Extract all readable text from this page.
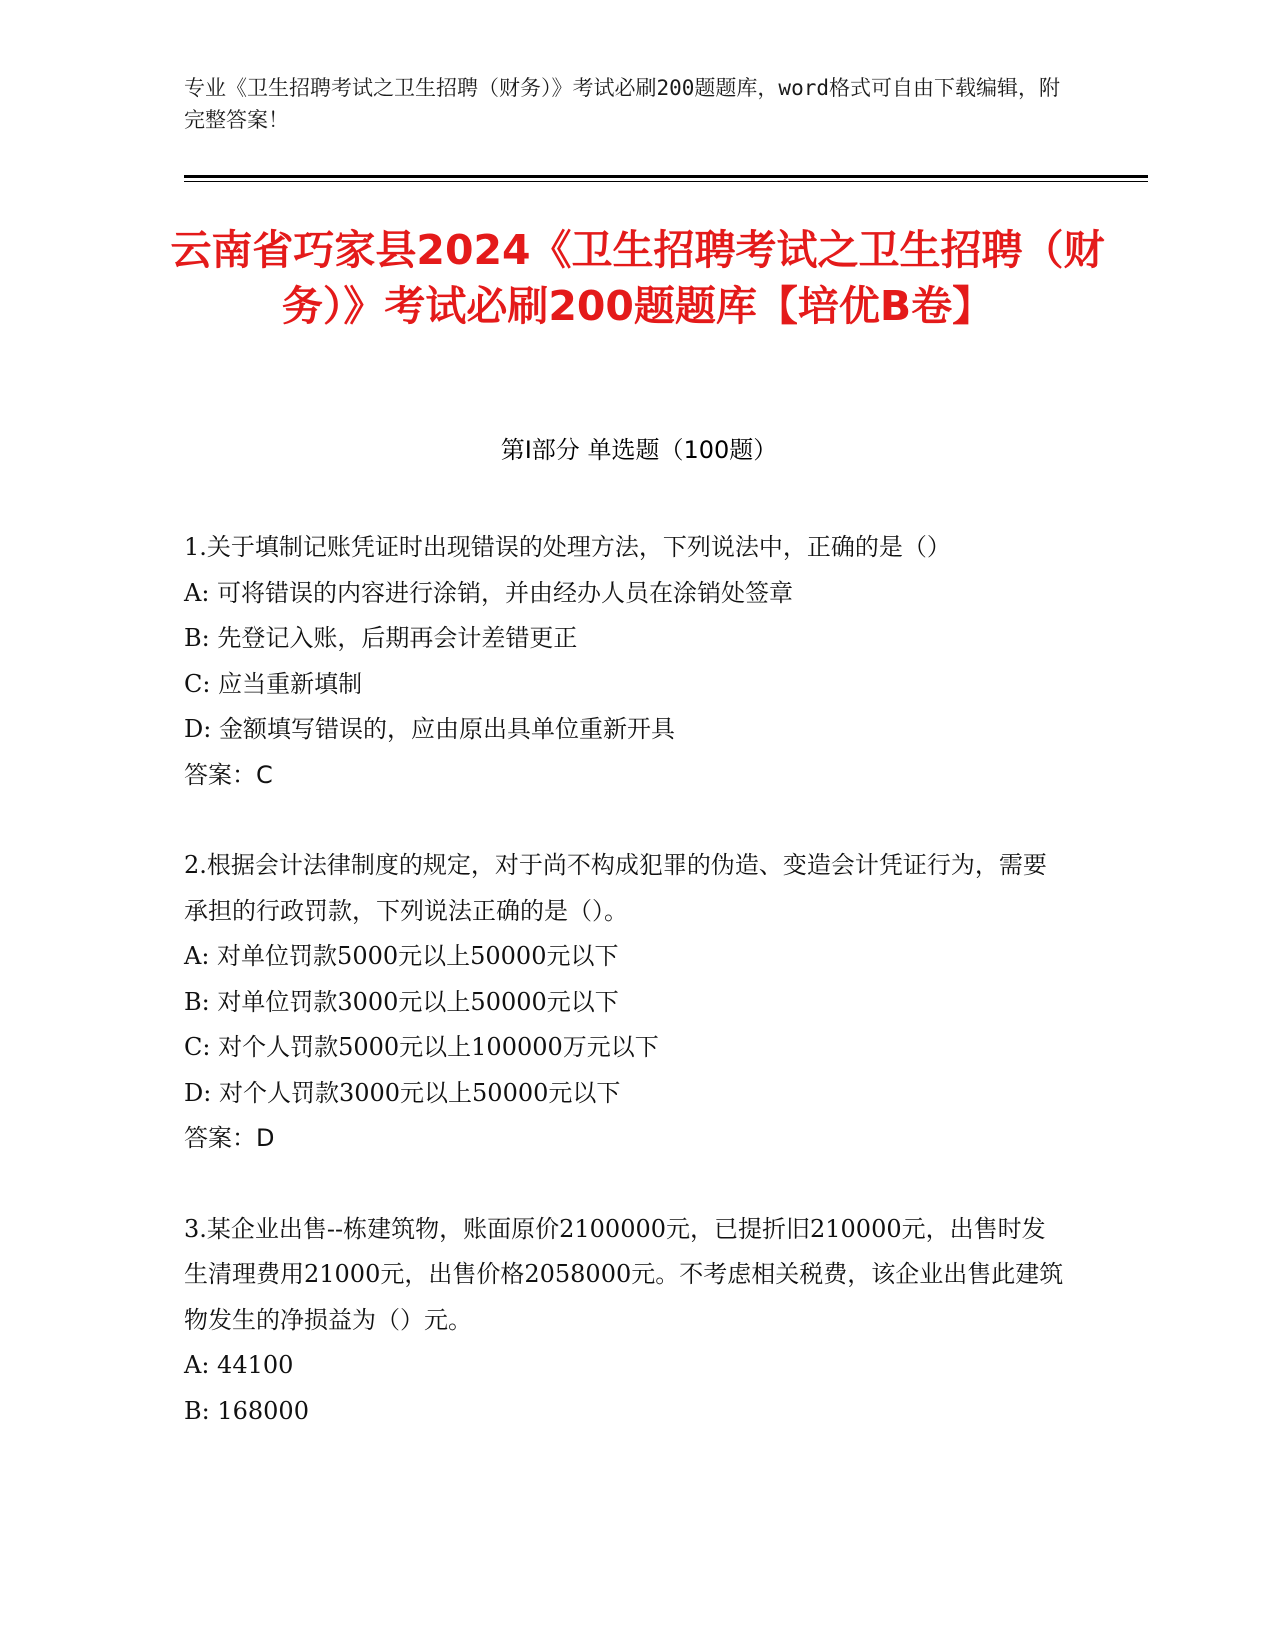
专业《卫生招聘考试之卫生招聘（财务）》考试必刷200题题库，word格式可自由下载编辑，附完整答案！
云南省巧家县2024《卫生招聘考试之卫生招聘（财务）》考试必刷200题题库【培优B卷】
第I部分 单选题（100题）

1.关于填制记账凭证时出现错误的处理方法，下列说法中，正确的是（）

A: 可将错误的内容进行涂销，并由经办人员在涂销处签章

B: 先登记入账，后期再会计差错更正

C: 应当重新填制

D: 金额填写错误的，应由原出具单位重新开具

答案：C

2.根据会计法律制度的规定，对于尚不构成犯罪的伪造、变造会计凭证行为，需要承担的行政罚款，下列说法正确的是（）。

A: 对单位罚款5000元以上50000元以下

B: 对单位罚款3000元以上50000元以下

C: 对个人罚款5000元以上100000万元以下

D: 对个人罚款3000元以上50000元以下

答案：D

3.某企业出售--栋建筑物，账面原价2100000元，已提折旧210000元，出售时发生清理费用21000元，出售价格2058000元。不考虑相关税费，该企业出售此建筑物发生的净损益为（）元。

A: 44100

B: 168000
